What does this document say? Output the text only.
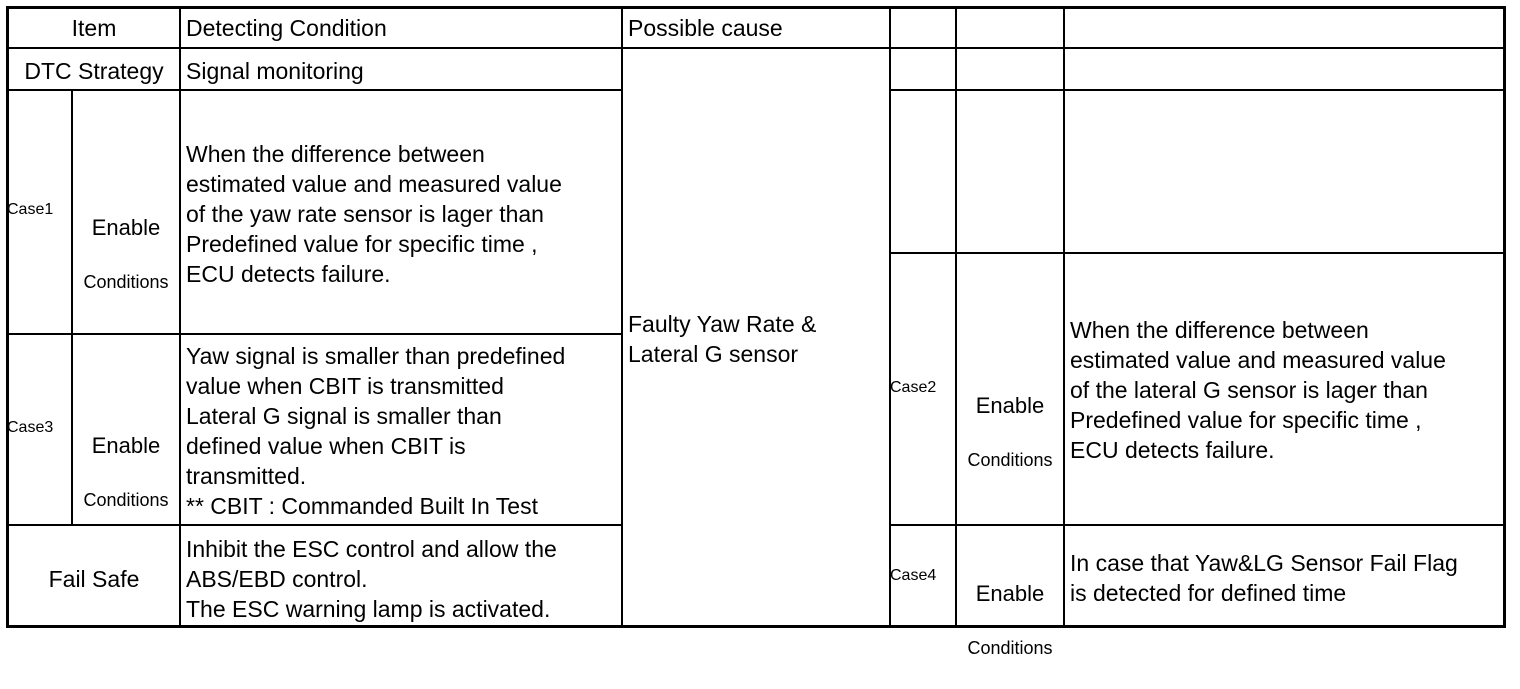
Item	Detecting Condition	Possible cause
DTC Strategy Signal monitoring
Case1

Enable

Conditions

When the difference between
estimated value and measured value
of the yaw rate sensor is lager than
Predefined value for specific time ,
ECU detects failure.
Case3

Enable

Conditions

Yaw signal is smaller than predefined
value when CBIT is transmitted
Lateral G signal is smaller than
defined value when CBIT is
transmitted.
** CBIT : Commanded Built In Test
Fail Safe
Inhibit the ESC control and allow the
ABS/EBD control.
The ESC warning lamp is activated.
Faulty Yaw Rate &
Lateral G sensor
Case2

Enable

Conditions

When the difference between
estimated value and measured value
of the lateral G sensor is lager than
Predefined value for specific time ,
ECU detects failure.
Case4

Enable

Conditions

In case that Yaw&LG Sensor Fail Flag
is detected for defined time
